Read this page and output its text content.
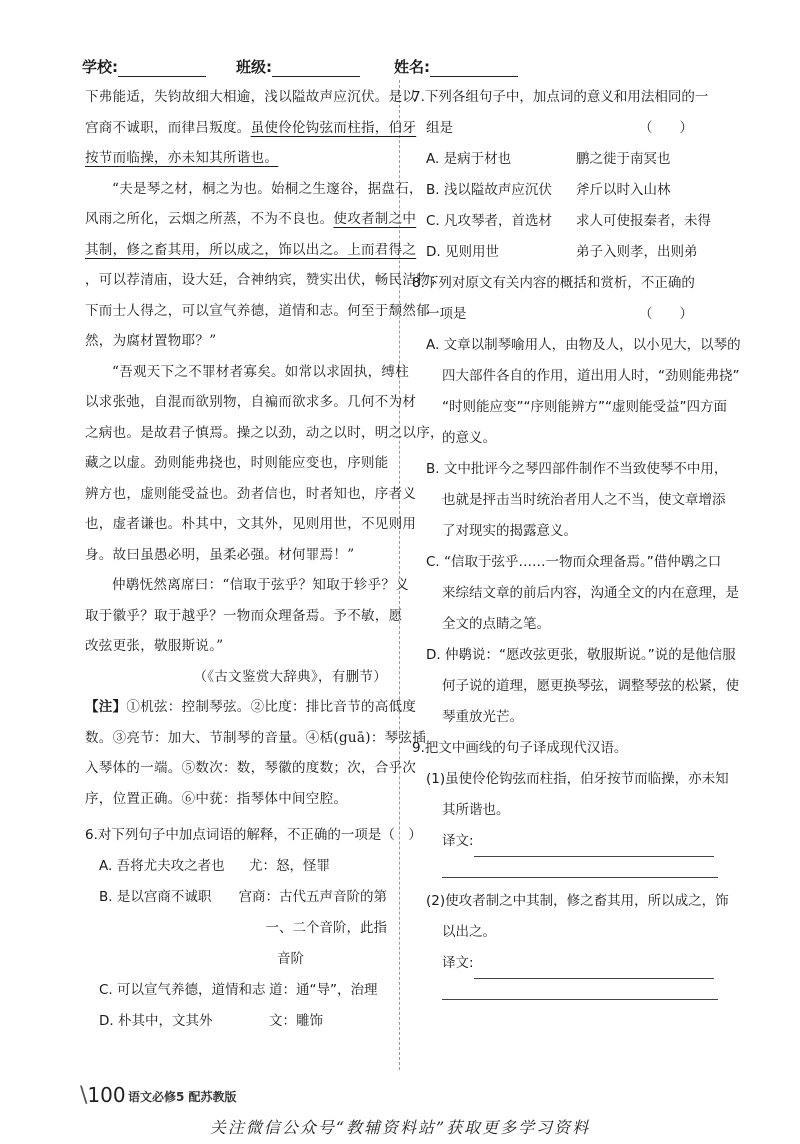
学校:	班级:	姓名:
下弗能适，失钧故细大相逾，浅以隘故声应沉伏。是以
宫商不诚职，而律吕叛度。虽使伶伦钩弦而柱指，伯牙
按节而临操，亦未知其所谐也。
“夫是琴之材，桐之为也。始桐之生邃谷，据盘石，
风雨之所化，云烟之所蒸，不为不良也。使攻者制之中
其制，修之畜其用，所以成之，饰以出之。上而君得之
，可以荐清庙，设大廷，合神纳宾，赞实出伏，畅民洁物；
下而士人得之，可以宣气养德，道情和志。何至于颓然郁
然，为腐材置物耶？”
“吾观天下之不罪材者寡矣。如常以求固执，缚柱
以求张弛，自混而欲别物，自褊而欲求多。几何不为材
之病也。是故君子慎焉。操之以劲，动之以时，明之以序，
藏之以虚。劲则能弗挠也，时则能应变也，序则能
辨方也，虚则能受益也。劲者信也，时者知也，序者义
也，虚者谦也。朴其中，文其外，见则用世，不见则用
身。故曰虽愚必明，虽柔必强。材何罪焉！”
仲鹖怃然离席曰：“信取于弦乎？知取于轸乎？义
取于徽乎？取于越乎？一物而众理备焉。予不敏，愿
改弦更张，敬服斯说。”
（《古文鉴赏大辞典》，有删节）
【注】①机弦：控制琴弦。②比度：排比音节的高低度
数。③亮节：加大、节制琴的音量。④栝(guā)：琴弦插
入琴体的一端。⑤数次：数，琴徽的度数；次，合乎次
序，位置正确。⑥中莸：指琴体中间空腔。
6.对下列句子中加点词语的解释，不正确的一项是（　）
A. 吾将尤夫攻之者也	尤：怒，怪罪
B. 是以宫商不诚职	宫商：古代五声音阶的第
一、二个音阶，此指
音阶
C. 可以宣气养德，道情和志 道：通“导”，治理
D. 朴其中，文其外	文：雕饰
7.下列各组句子中，加点词的意义和用法相同的一
组是	（　　）
A. 是病于材也	鹏之徙于南冥也
B. 浅以隘故声应沉伏	斧斤以时入山林
C. 凡攻琴者，首选材	求人可使报秦者，未得
D. 见则用世	弟子入则孝，出则弟
8.下列对原文有关内容的概括和赏析，不正确的
一项是	（　　）
A. 文章以制琴喻用人，由物及人，以小见大，以琴的
四大部件各自的作用，道出用人时，“劲则能弗挠”
“时则能应变”“序则能辨方”“虚则能受益”四方面
的意义。
B. 文中批评今之琴四部件制作不当致使琴不中用，
也就是抨击当时统治者用人之不当，使文章增添
了对现实的揭露意义。
C. “信取于弦乎……一物而众理备焉。”借仲鹖之口
来综结文章的前后内容，沟通全文的内在意理，是
全文的点睛之笔。
D. 仲鹖说：“愿改弦更张，敬服斯说。”说的是他信服
何子说的道理，愿更换琴弦，调整琴弦的松紧，使
琴重放光芒。
9.把文中画线的句子译成现代汉语。
(1)虽使伶伦钩弦而柱指，伯牙按节而临操，亦未知
其所谐也。
译文:
(2)使攻者制之中其制，修之畜其用，所以成之，饰
以出之。
译文:
\100 语文必修5 配苏教版
关注微信公众号“教辅资料站”获取更多学习资料
